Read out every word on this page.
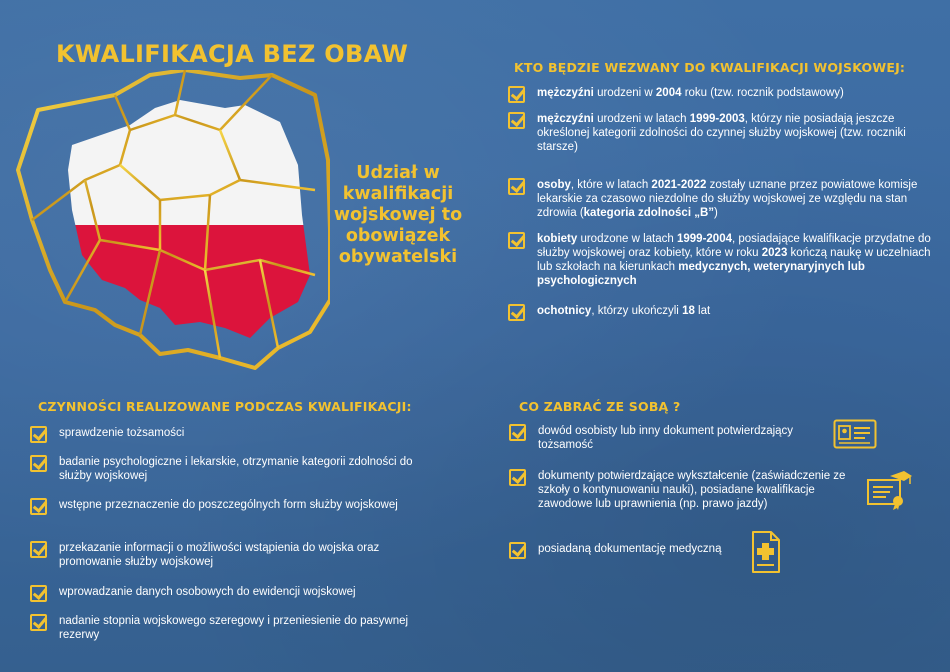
KWALIFIKACJA BEZ OBAW
Udział w kwalifikacji wojskowej to obowiązek obywatelski
KTO BĘDZIE WEZWANY DO KWALIFIKACJI WOJSKOWEJ:
mężczyźni urodzeni w 2004 roku (tzw. rocznik podstawowy)
mężczyźni urodzeni w latach 1999-2003, którzy nie posiadają jeszcze określonej kategorii zdolności do czynnej służby wojskowej (tzw. roczniki starsze)
osoby, które w latach 2021-2022 zostały uznane przez powiatowe komisje lekarskie za czasowo niezdolne do służby wojskowej ze względu na stan zdrowia (kategoria zdolności „B”)
kobiety urodzone w latach 1999-2004, posiadające kwalifikacje przydatne do służby wojskowej oraz kobiety, które w roku 2023 kończą naukę w uczelniach lub szkołach na kierunkach medycznych, weterynaryjnych lub psychologicznych
ochotnicy, którzy ukończyli 18 lat
CZYNNOŚCI REALIZOWANE PODCZAS KWALIFIKACJI:
sprawdzenie tożsamości
badanie psychologiczne i lekarskie, otrzymanie kategorii zdolności do służby wojskowej
wstępne przeznaczenie do poszczególnych form służby wojskowej
przekazanie informacji o możliwości wstąpienia do wojska oraz promowanie służby wojskowej
wprowadzanie danych osobowych do ewidencji wojskowej
nadanie stopnia wojskowego szeregowy i przeniesienie do pasywnej rezerwy
CO ZABRAĆ ZE SOBĄ ?
dowód osobisty lub inny dokument potwierdzający tożsamość
dokumenty potwierdzające wykształcenie (zaświadczenie ze szkoły o kontynuowaniu nauki), posiadane kwalifikacje zawodowe lub uprawnienia (np. prawo jazdy)
posiadaną dokumentację medyczną
